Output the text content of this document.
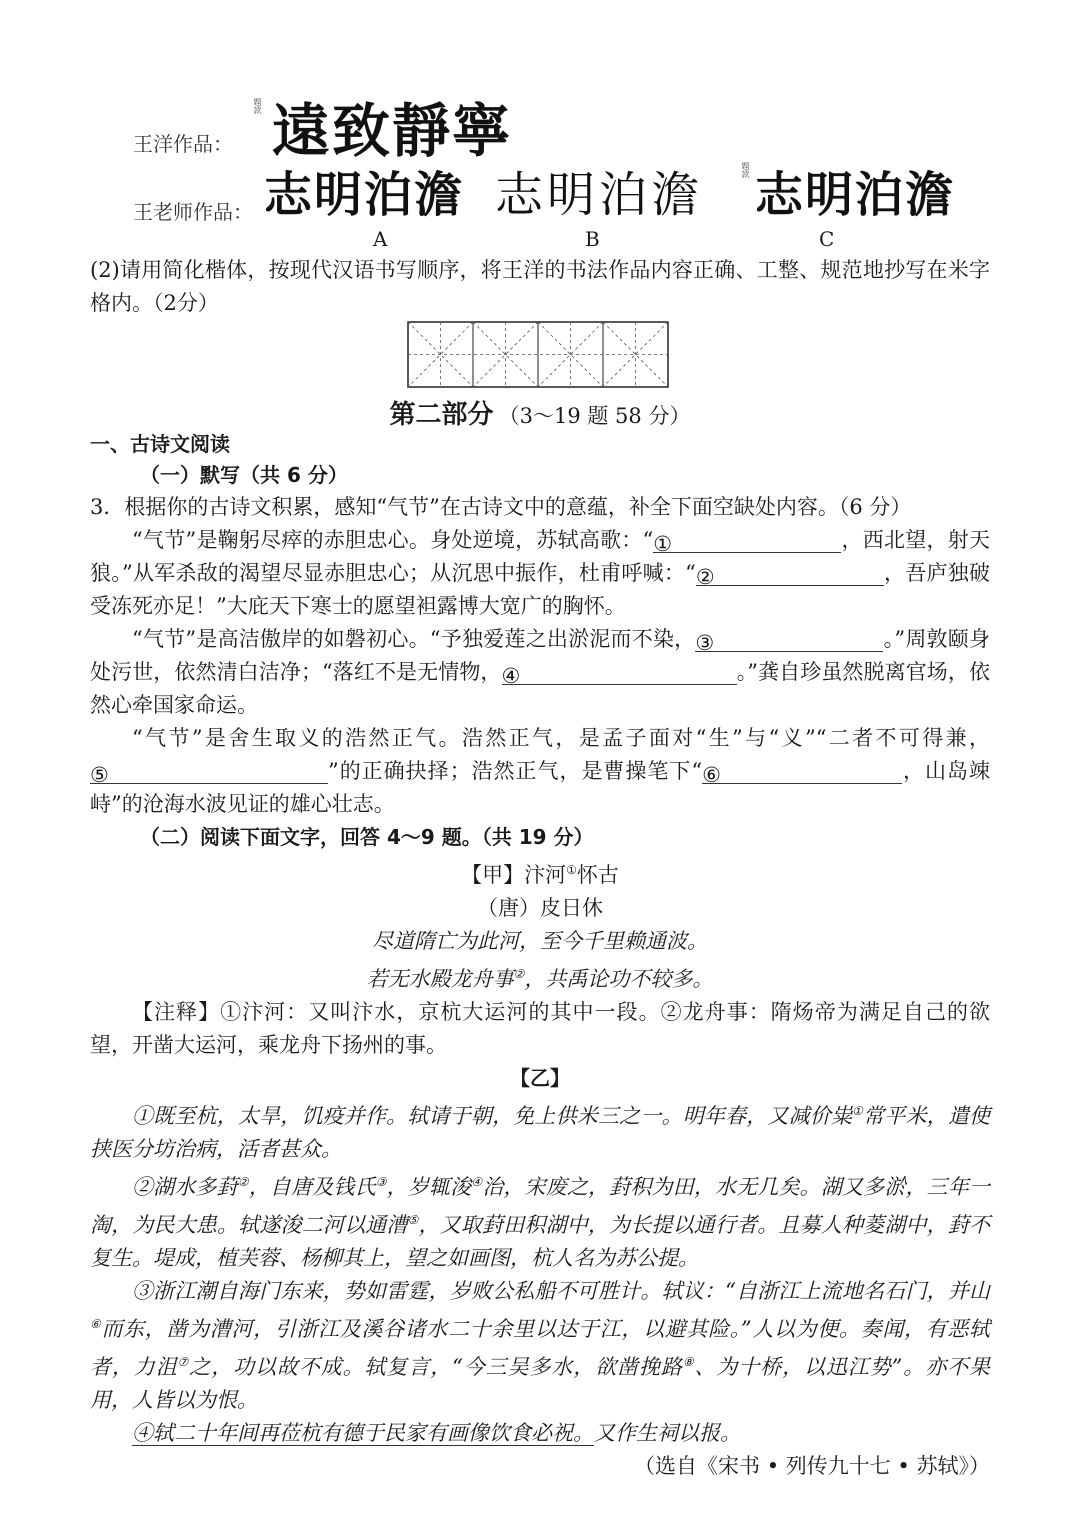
王洋作品：
題款 遠致靜寧
王老师作品： 志明泊澹 志明泊澹	題款 志明泊澹
A	B	C

(2)请用简化楷体，按现代汉语书写顺序，将王洋的书法作品内容正确、工整、规范地抄写在米字格内。（2分）

第二部分 （3～19 题 58 分）

一、古诗文阅读

（一）默写（共 6 分）

3．根据你的古诗文积累，感知“气节”在古诗文中的意蕴，补全下面空缺处内容。（6 分）

“气节”是鞠躬尽瘁的赤胆忠心。身处逆境，苏轼高歌：“①	，西北望，射天狼。”从军杀敌的渴望尽显赤胆忠心；从沉思中振作，杜甫呼喊：“②	，吾庐独破受冻死亦足！”大庇天下寒士的愿望袒露博大宽广的胸怀。

“气节”是高洁傲岸的如磐初心。“予独爱莲之出淤泥而不染，③	。”周敦颐身处污世，依然清白洁净；“落红不是无情物，④	。”龚自珍虽然脱离官场，依然心牵国家命运。

“气节”是舍生取义的浩然正气。浩然正气，是孟子面对“生”与“义”“二者不可得兼，⑤	”的正确抉择；浩然正气，是曹操笔下“⑥	，山岛竦峙”的沧海水波见证的雄心壮志。

（二）阅读下面文字，回答 4～9 题。（共 19 分）

【甲】汴河①怀古

（唐）皮日休

尽道隋亡为此河，至今千里赖通波。

若无水殿龙舟事②，共禹论功不较多。

【注释】①汴河：又叫汴水，京杭大运河的其中一段。②龙舟事：隋炀帝为满足自己的欲望，开凿大运河，乘龙舟下扬州的事。

【乙】

①既至杭，太旱，饥疫并作。轼请于朝，免上供米三之一。明年春，又减价粜①常平米，遣使挟医分坊治病，活者甚众。

②湖水多葑②，自唐及钱氏③，岁辄浚④治，宋废之，葑积为田，水无几矣。湖又多淤，三年一淘，为民大患。轼遂浚二河以通漕⑤，又取葑田积湖中，为长提以通行者。且募人种菱湖中，葑不复生。堤成，植芙蓉、杨柳其上，望之如画图，杭人名为苏公提。

③浙江潮自海门东来，势如雷霆，岁败公私船不可胜计。轼议：“自浙江上流地名石门，并山⑥而东，凿为漕河，引浙江及溪谷诸水二十余里以达于江，以避其险。”人以为便。奏闻，有恶轼者，力沮⑦之，功以故不成。轼复言，“今三吴多水，欲凿挽路⑧、为十桥，以迅江势”。亦不果用，人皆以为恨。

④轼二十年间再莅杭有德于民家有画像饮食必祝。又作生祠以报。

（选自《宋书 • 列传九十七 • 苏轼》）
